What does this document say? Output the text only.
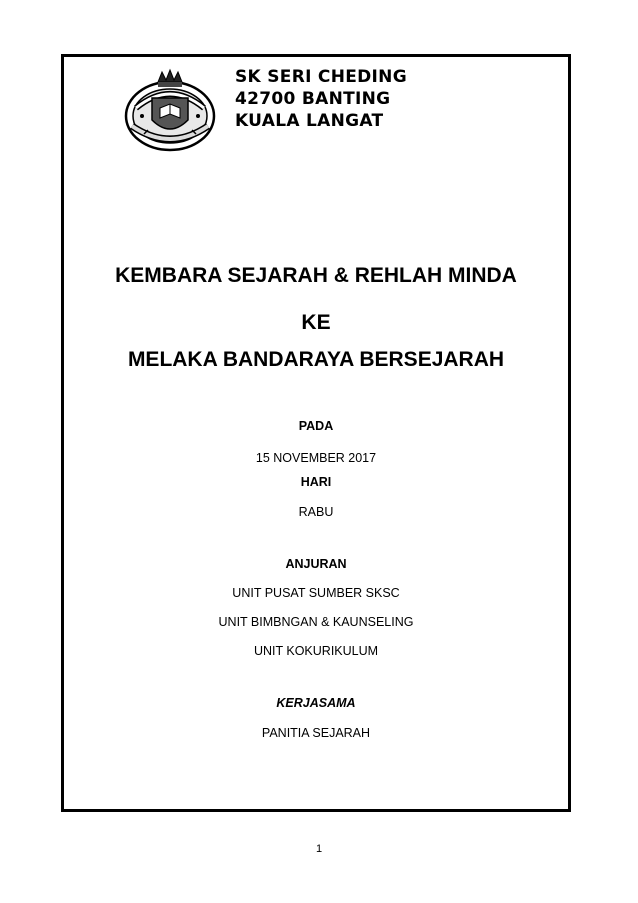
SK SERI CHEDING
42700 BANTING
KUALA LANGAT
KEMBARA SEJARAH & REHLAH MINDA
KE
MELAKA BANDARAYA BERSEJARAH
PADA
15 NOVEMBER 2017
HARI
RABU
ANJURAN
UNIT PUSAT SUMBER SKSC
UNIT BIMBNGAN & KAUNSELING
UNIT KOKURIKULUM
KERJASAMA
PANITIA SEJARAH
1
